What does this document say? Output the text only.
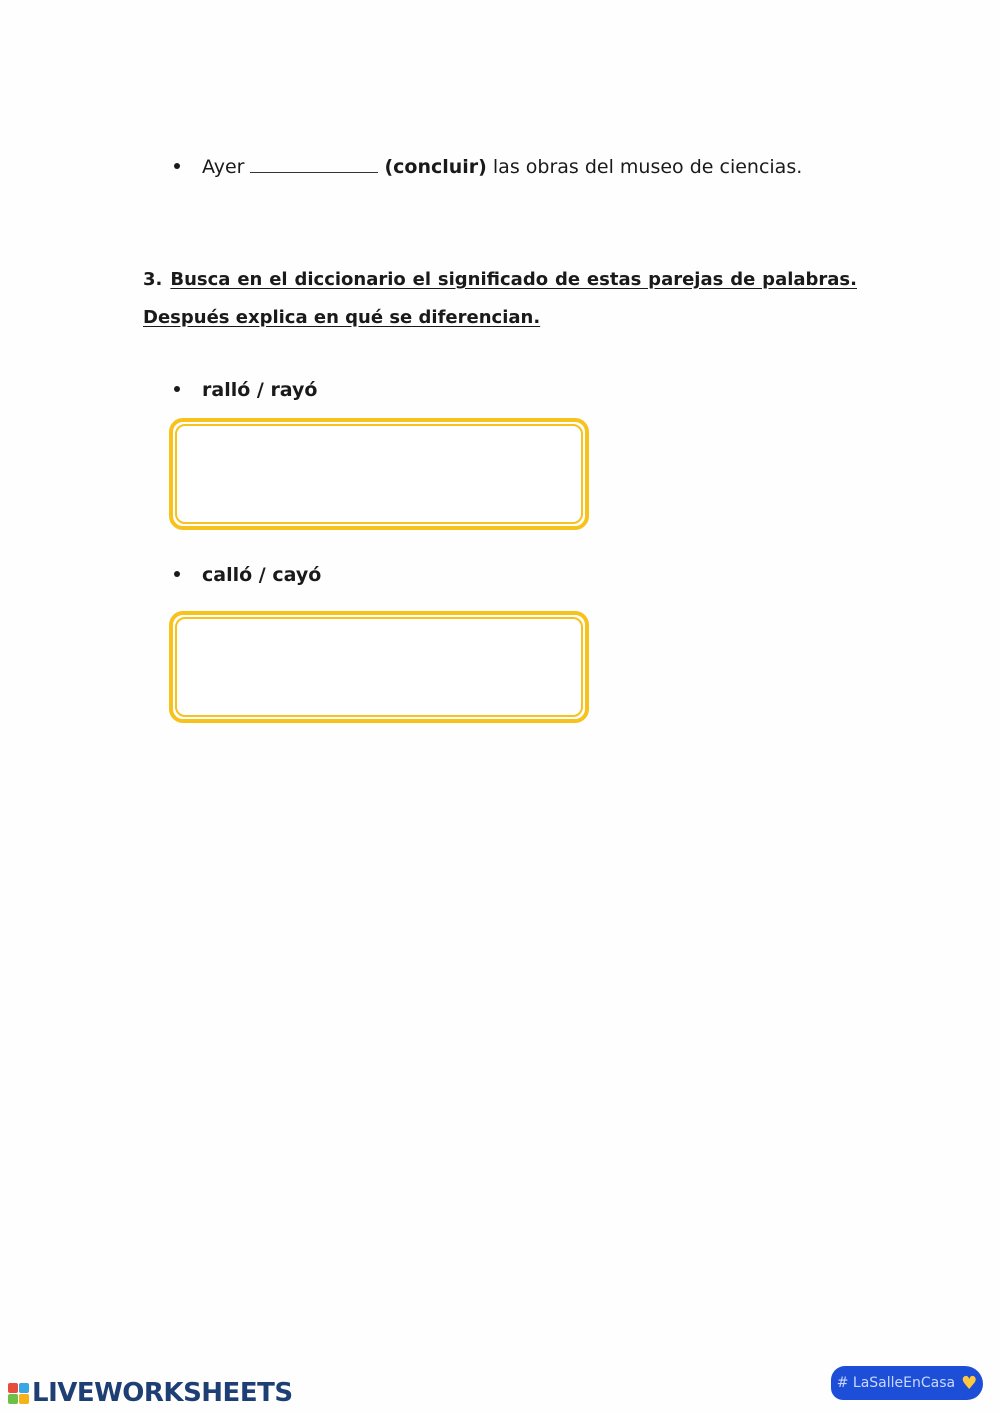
Ayer	(concluir) las obras del museo de ciencias.
3. Busca en el diccionario el significado de estas parejas de palabras.
Después explica en qué se diferencian.
ralló / rayó
calló / cayó
LIVEWORKSHEETS	# LaSalleEnCasa ♥
